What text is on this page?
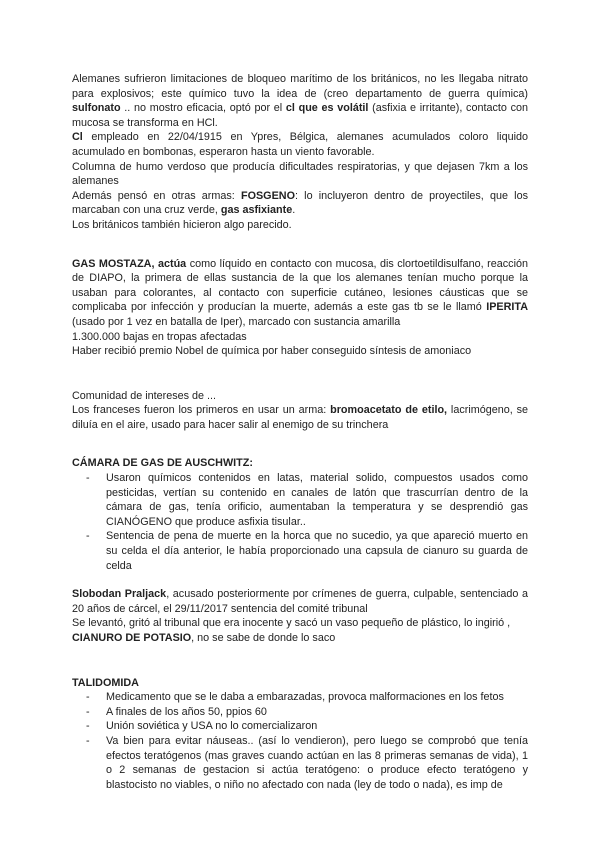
Alemanes sufrieron limitaciones de bloqueo marítimo de los británicos, no les llegaba nitrato para explosivos; este químico tuvo la idea de (creo departamento de guerra química) sulfonato .. no mostro eficacia, optó por el cl que es volátil (asfixia e irritante), contacto con mucosa se transforma en HCl.

Cl empleado en 22/04/1915 en Ypres, Bélgica, alemanes acumulados coloro liquido acumulado en bombonas, esperaron hasta un viento favorable.

Columna de humo verdoso que producía dificultades respiratorias, y que dejasen 7km a los alemanes

Además pensó en otras armas: FOSGENO: lo incluyeron dentro de proyectiles, que los marcaban con una cruz verde, gas asfixiante.

Los británicos también hicieron algo parecido.

GAS MOSTAZA, actúa como líquido en contacto con mucosa, dis clortoetildisulfano, reacción de DIAPO, la primera de ellas sustancia de la que los alemanes tenían mucho porque la usaban para colorantes, al contacto con superficie cutáneo, lesiones cáusticas que se complicaba por infección y producían la muerte, además a este gas tb se le llamó IPERITA (usado por 1 vez en batalla de Iper), marcado con sustancia amarilla

1.300.000 bajas en tropas afectadas

Haber recibió premio Nobel de química por haber conseguido síntesis de amoniaco

Comunidad de intereses de ...

Los franceses fueron los primeros en usar un arma: bromoacetato de etilo, lacrimógeno, se diluía en el aire, usado para hacer salir al enemigo de su trinchera

CÁMARA DE GAS DE AUSCHWITZ:
- Usaron químicos contenidos en latas, material solido, compuestos usados como pesticidas, vertían su contenido en canales de latón que trascurrían dentro de la cámara de gas, tenía orificio, aumentaban la temperatura y se desprendió gas CIANÓGENO que produce asfixia tisular..
- Sentencia de pena de muerte en la horca que no sucedio, ya que apareció muerto en su celda el día anterior, le había proporcionado una capsula de cianuro su guarda de celda

Slobodan Praljack, acusado posteriormente por crímenes de guerra, culpable, sentenciado a 20 años de cárcel, el 29/11/2017 sentencia del comité tribunal

Se levantó, gritó al tribunal que era inocente y sacó un vaso pequeño de plástico, lo ingirió ,
CIANURO DE POTASIO, no se sabe de donde lo saco

TALIDOMIDA
- Medicamento que se le daba a embarazadas, provoca malformaciones en los fetos
- A finales de los años 50, ppios 60
- Unión soviética y USA no lo comercializaron
- Va bien para evitar náuseas.. (así lo vendieron), pero luego se comprobó que tenía efectos teratógenos (mas graves cuando actúan en las 8 primeras semanas de vida), 1 o 2 semanas de gestacion si actúa teratógeno: o produce efecto teratógeno y blastocisto no viables, o niño no afectado con nada (ley de todo o nada), es imp de
